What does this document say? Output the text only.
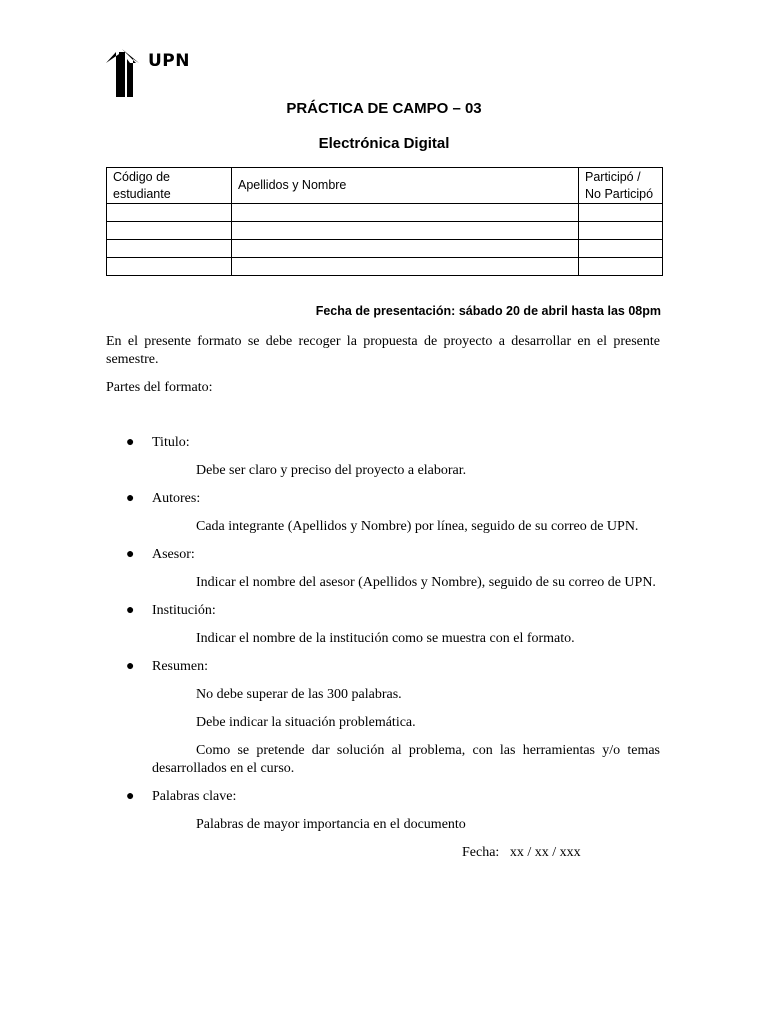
UPN
PRÁCTICA DE CAMPO – 03
Electrónica Digital
Código de estudiante	Apellidos y Nombre	Participó / No Participó

Fecha de presentación: sábado 20 de abril hasta las 08pm
En el presente formato se debe recoger la propuesta de proyecto a desarrollar en el presente semestre.
Partes del formato:
● Titulo:
Debe ser claro y preciso del proyecto a elaborar.
● Autores:
Cada integrante (Apellidos y Nombre) por línea, seguido de su correo de UPN.
● Asesor:
Indicar el nombre del asesor (Apellidos y Nombre), seguido de su correo de UPN.
● Institución:
Indicar el nombre de la institución como se muestra con el formato.
● Resumen:
No debe superar de las 300 palabras.
Debe indicar la situación problemática.
Como se pretende dar solución al problema, con las herramientas y/o temas desarrollados en el curso.
● Palabras clave:
Palabras de mayor importancia en el documento
Fecha:   xx / xx / xxx
